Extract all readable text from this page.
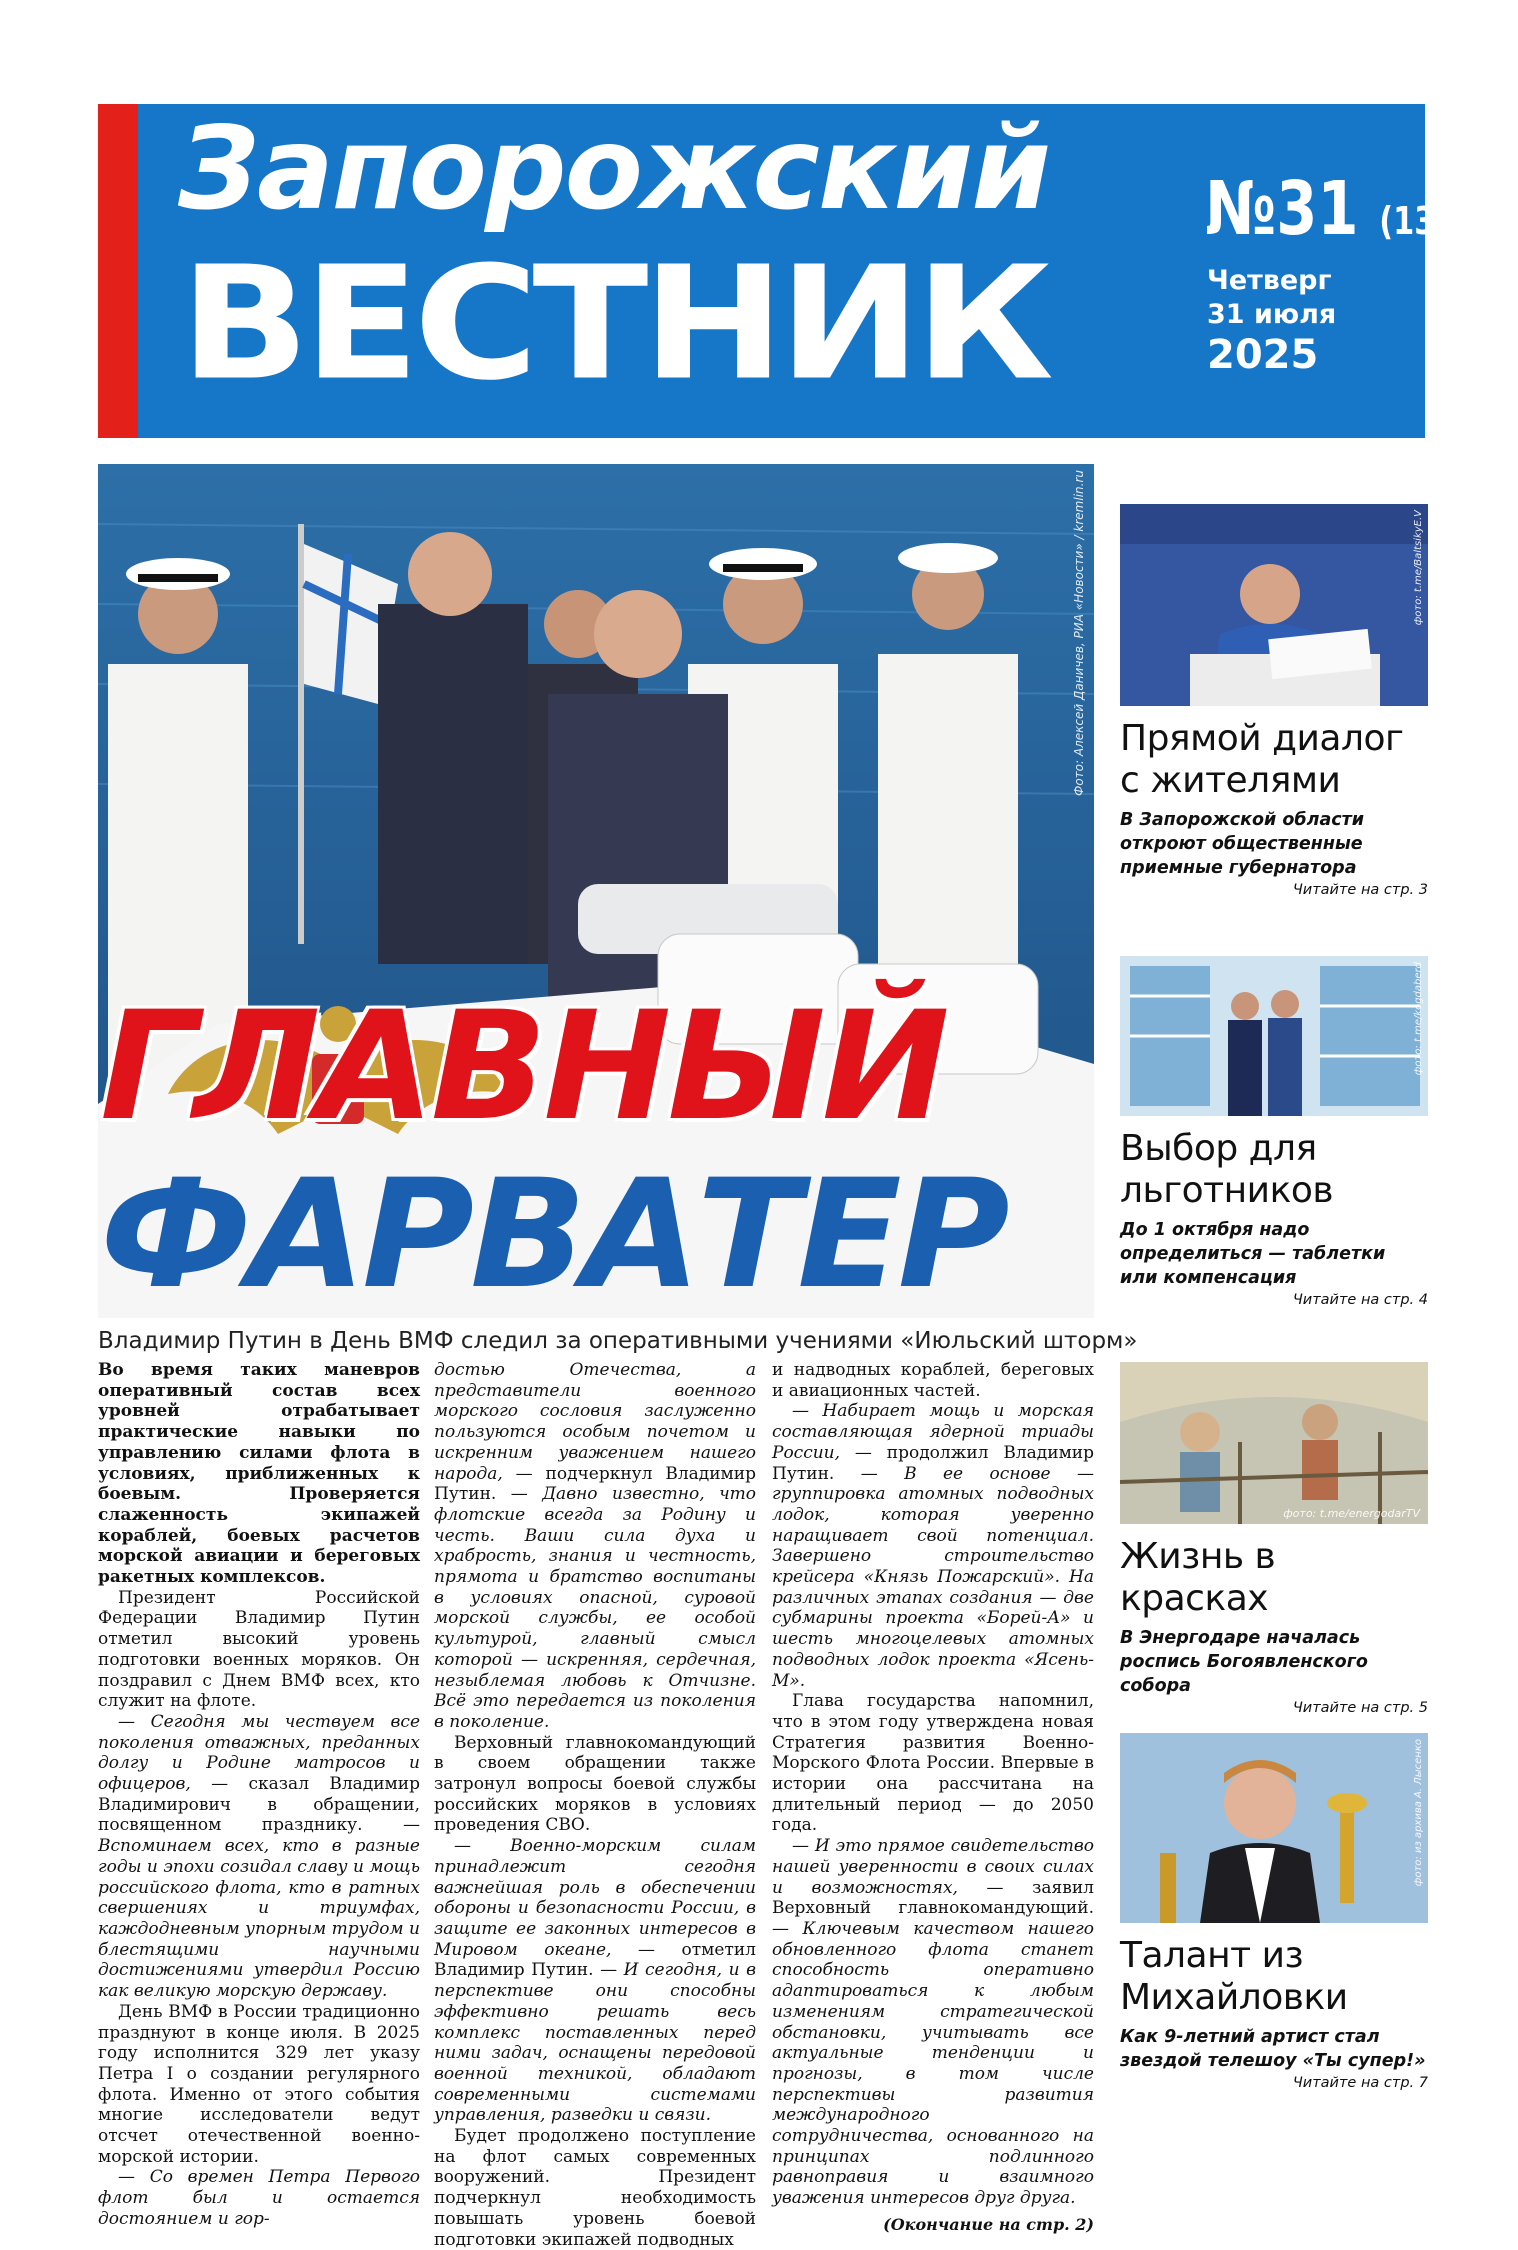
Запорожский
ВЕСТНИК
№31 (132)
Четверг
31 июля
2025
Фото: Алексей Даничев, РИА «Новости» / kremlin.ru
ГЛАВНЫЙ
ФАРВАТЕР
Владимир Путин в День ВМФ следил за оперативными учениями «Июльский шторм»

Во время таких маневров оперативный состав всех уровней отрабатывает практические навыки по управлению силами флота в условиях, приближенных к боевым. Проверяется слаженность экипажей кораблей, боевых расчетов морской авиации и береговых ракетных комплексов.

Президент Российской Федерации Владимир Путин отметил высокий уровень подготовки военных моряков. Он поздравил с Днем ВМФ всех, кто служит на флоте.

— Сегодня мы чествуем все поколения отважных, преданных долгу и Родине матросов и офицеров, — сказал Владимир Владимирович в обращении, посвященном празднику. — Вспоминаем всех, кто в разные годы и эпохи созидал славу и мощь российского флота, кто в ратных свершениях и триумфах, каждодневным упорным трудом и блестящими научными достижениями утвердил Россию как великую морскую державу.

День ВМФ в России традиционно празднуют в конце июля. В 2025 году исполнится 329 лет указу Петра I о создании регулярного флота. Именно от этого события многие исследователи ведут отсчет отечественной военно-морской истории.

— Со времен Петра Первого флот был и остается достоянием и гор-

достью Отечества, а представители военного морского сословия заслуженно пользуются особым почетом и искренним уважением нашего народа, — подчеркнул Владимир Путин. — Давно известно, что флотские всегда за Родину и честь. Ваши сила духа и храбрость, знания и честность, прямота и братство воспитаны в условиях опасной, суровой морской службы, ее особой культурой, главный смысл которой — искренняя, сердечная, незыблемая любовь к Отчизне. Всё это передается из поколения в поколение.

Верховный главнокомандующий в своем обращении также затронул вопросы боевой службы российских моряков в условиях проведения СВО.

— Военно-морским силам принадлежит сегодня важнейшая роль в обеспечении обороны и безопасности России, в защите ее законных интересов в Мировом океане, — отметил Владимир Путин. — И сегодня, и в перспективе они способны эффективно решать весь комплекс поставленных перед ними задач, оснащены передовой военной техникой, обладают современными системами управления, разведки и связи.

Будет продолжено поступление на флот самых современных вооружений. Президент подчеркнул необходимость повышать уровень боевой подготовки экипажей подводных

и надводных кораблей, береговых и авиационных частей.

— Набирает мощь и морская составляющая ядерной триады России, — продолжил Владимир Путин. — В ее основе — группировка атомных подводных лодок, которая уверенно наращивает свой потенциал. Завершено строительство крейсера «Князь Пожарский». На различных этапах создания — две субмарины проекта «Борей-А» и шесть многоцелевых атомных подводных лодок проекта «Ясень-М».

Глава государства напомнил, что в этом году утверждена новая Стратегия развития Военно-Морского Флота России. Впервые в истории она рассчитана на длительный период — до 2050 года.

— И это прямое свидетельство нашей уверенности в своих силах и возможностях, — заявил Верховный главнокомандующий. — Ключевым качеством нашего обновленного флота станет способность оперативно адаптироваться к любым изменениям стратегической обстановки, учитывать все актуальные тенденции и прогнозы, в том числе перспективы развития международного сотрудничества, основанного на принципах подлинного равноправия и взаимного уважения интересов друг друга.

(Окончание на стр. 2)

фото: t.me/BaltsikyE.V
Прямой диалог с жителями
В Запорожской области откроют общественные приемные губернатора
Читайте на стр. 3
фото: t.me/kogdaberd
Выбор для льготников
До 1 октября надо определиться — таблетки или компенсация
Читайте на стр. 4
фото: t.me/energodarTV
Жизнь в красках
В Энергодаре началась роспись Богоявленского собора
Читайте на стр. 5
фото: из архива А. Лысенко
Талант из Михайловки
Как 9-летний артист стал звездой телешоу «Ты супер!»
Читайте на стр. 7
